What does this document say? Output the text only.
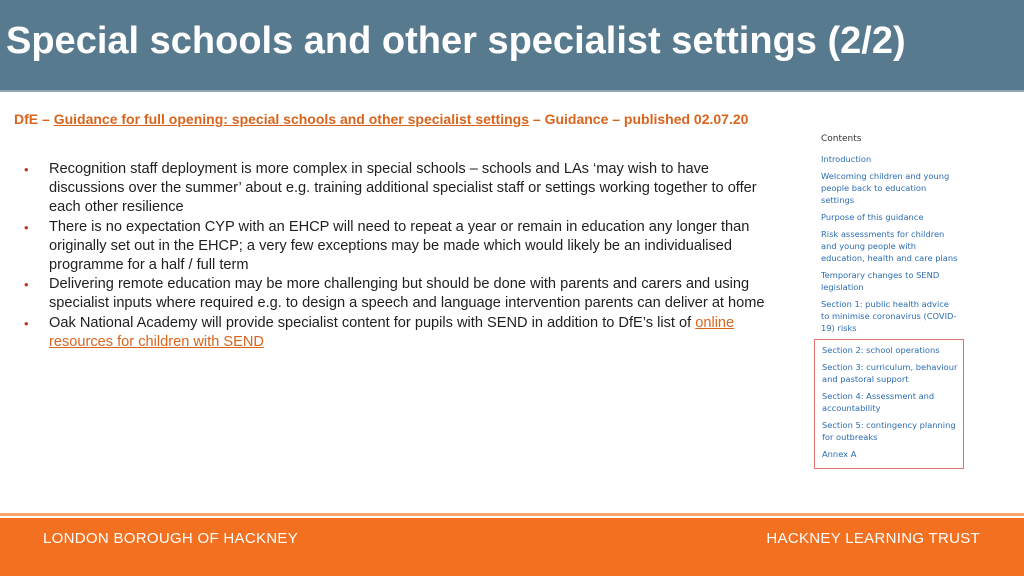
Special schools and other specialist settings (2/2)
DfE – Guidance for full opening: special schools and other specialist settings – Guidance – published 02.07.20
• Recognition staff deployment is more complex in special schools – schools and LAs ‘may wish to have discussions over the summer’ about e.g. training additional specialist staff or settings working together to offer each other resilience
• There is no expectation CYP with an EHCP will need to repeat a year or remain in education any longer than originally set out in the EHCP; a very few exceptions may be made which would likely be an individualised programme for a half / full term
• Delivering remote education may be more challenging but should be done with parents and carers and using specialist inputs where required e.g. to design a speech and language intervention parents can deliver at home
• Oak National Academy will provide specialist content for pupils with SEND in addition to DfE’s list of online resources for children with SEND
Contents
Introduction
Welcoming children and young people back to education settings
Purpose of this guidance
Risk assessments for children and young people with education, health and care plans
Temporary changes to SEND legislation
Section 1: public health advice to minimise coronavirus (COVID-19) risks
Section 2: school operations
Section 3: curriculum, behaviour and pastoral support
Section 4: Assessment and accountability
Section 5: contingency planning for outbreaks
Annex A
LONDON BOROUGH OF HACKNEY	HACKNEY LEARNING TRUST
